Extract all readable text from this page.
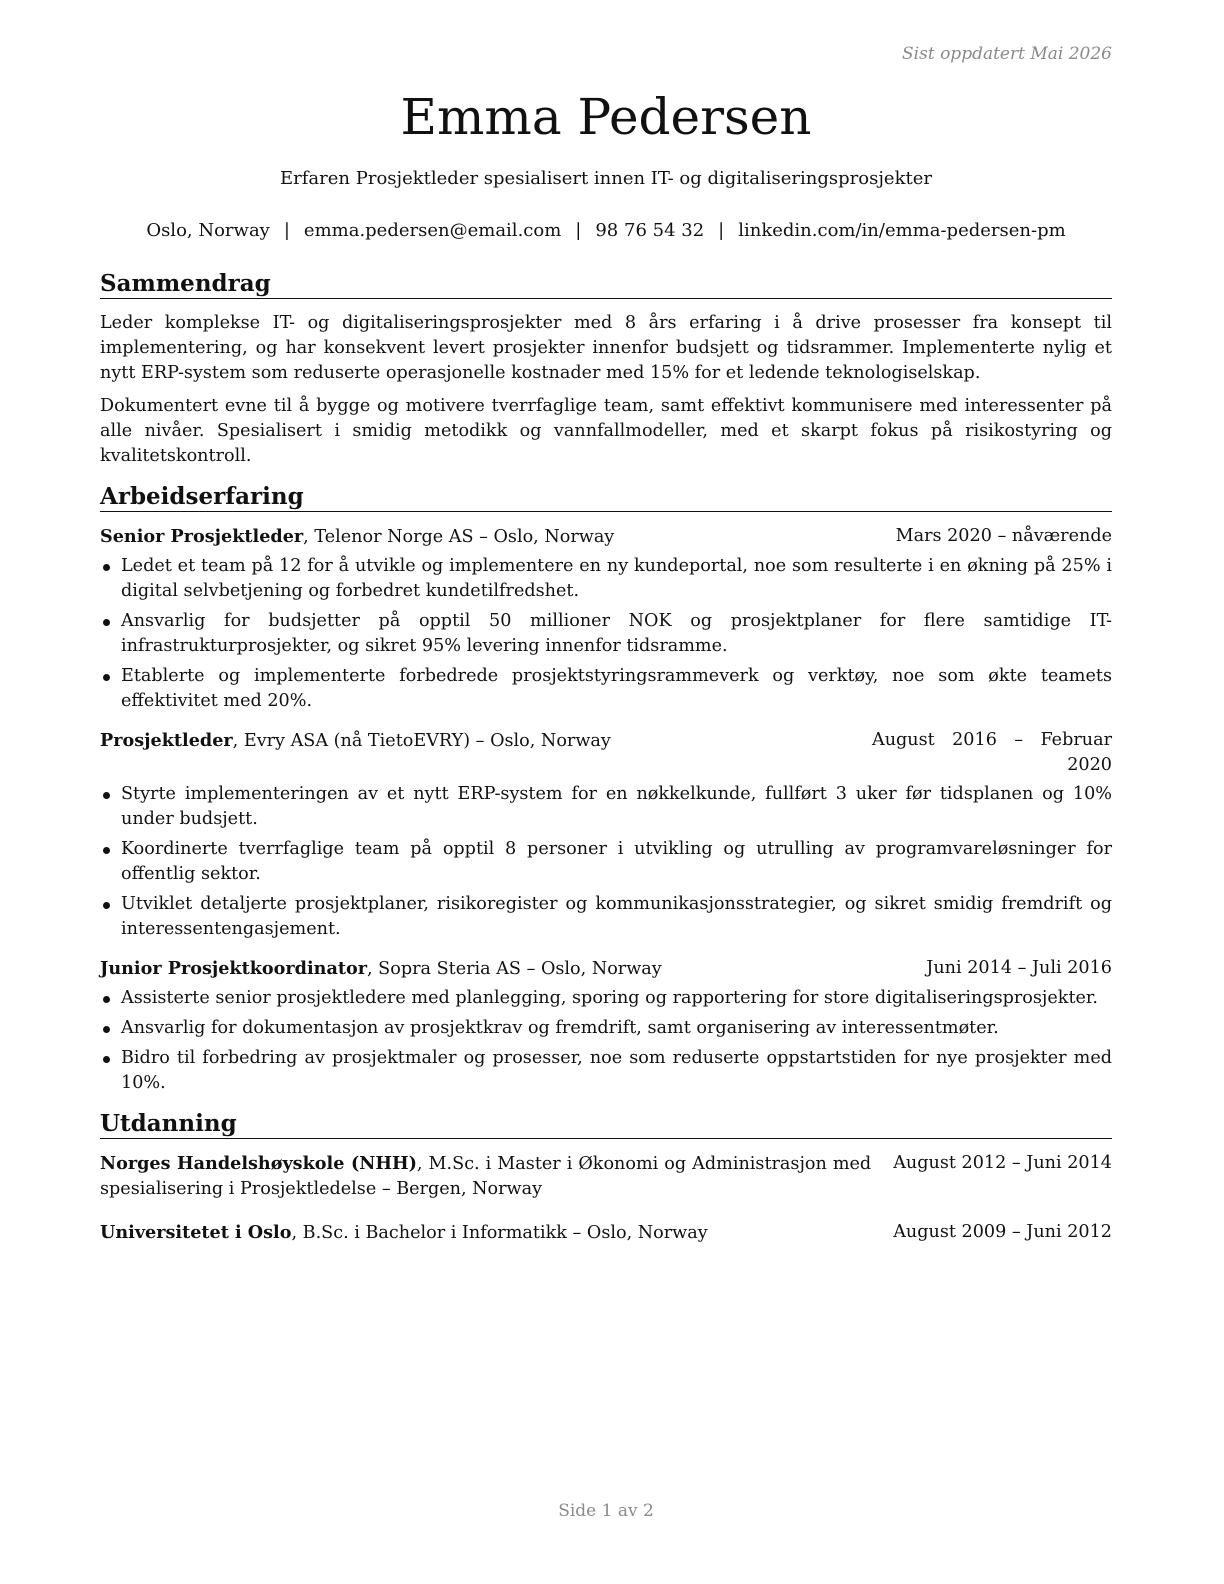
Sist oppdatert Mai 2026
Emma Pedersen
Erfaren Prosjektleder spesialisert innen IT- og digitaliseringsprosjekter
Oslo, Norway | emma.pedersen@email.com | 98 76 54 32 | linkedin.com/in/emma-pedersen-pm
Sammendrag

Leder komplekse IT- og digitaliseringsprosjekter med 8 års erfaring i å drive prosesser fra konsept til implementering, og har konsekvent levert prosjekter innenfor budsjett og tidsrammer. Implementerte nylig et nytt ERP-system som reduserte operasjonelle kostnader med 15% for et ledende teknologiselskap.

Dokumentert evne til å bygge og motivere tverrfaglige team, samt effektivt kommunisere med interessenter på alle nivåer. Spesialisert i smidig metodikk og vannfallmodeller, med et skarpt fokus på risikostyring og kvalitetskontroll.

Arbeidserfaring
Senior Prosjektleder, Telenor Norge AS – Oslo, Norway	Mars 2020 – nåværende
Ledet et team på 12 for å utvikle og implementere en ny kundeportal, noe som resulterte i en økning på 25% i digital selvbetjening og forbedret kundetilfredshet.
Ansvarlig for budsjetter på opptil 50 millioner NOK og prosjektplaner for flere samtidige IT-infrastrukturprosjekter, og sikret 95% levering innenfor tidsramme.
Etablerte og implementerte forbedrede prosjektstyringsrammeverk og verktøy, noe som økte teamets effektivitet med 20%.
Prosjektleder, Evry ASA (nå TietoEVRY) – Oslo, Norway	August 2016 – Februar 2020
Styrte implementeringen av et nytt ERP-system for en nøkkelkunde, fullført 3 uker før tidsplanen og 10% under budsjett.
Koordinerte tverrfaglige team på opptil 8 personer i utvikling og utrulling av programvareløsninger for offentlig sektor.
Utviklet detaljerte prosjektplaner, risikoregister og kommunikasjonsstrategier, og sikret smidig fremdrift og interessentengasjement.
Junior Prosjektkoordinator, Sopra Steria AS – Oslo, Norway	Juni 2014 – Juli 2016
Assisterte senior prosjektledere med planlegging, sporing og rapportering for store digitaliseringsprosjekter.
Ansvarlig for dokumentasjon av prosjektkrav og fremdrift, samt organisering av interessentmøter.
Bidro til forbedring av prosjektmaler og prosesser, noe som reduserte oppstartstiden for nye prosjekter med 10%.
Utdanning
Norges Handelshøyskole (NHH), M.Sc. i Master i Økonomi og Administrasjon med spesialisering i Prosjektledelse – Bergen, Norway
August 2012 – Juni 2014
Universitetet i Oslo, B.Sc. i Bachelor i Informatikk – Oslo, Norway	August 2009 – Juni 2012
Side 1 av 2
